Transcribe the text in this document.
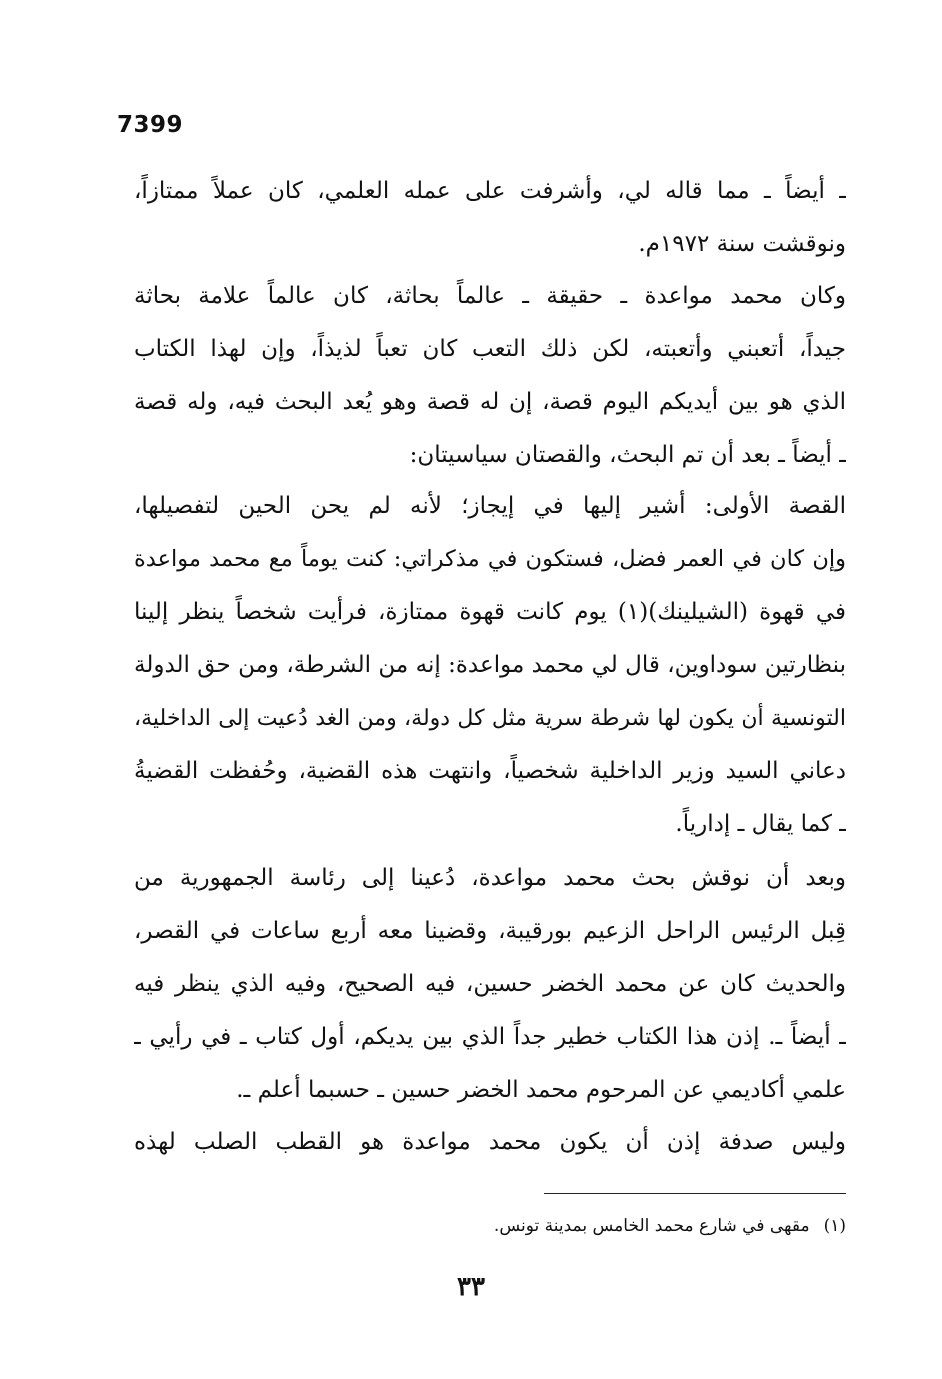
7399
ـ أيضاً ـ مما قاله لي، وأشرفت على عمله العلمي، كان عملاً ممتازاً،
ونوقشت سنة ١٩٧٢م.
وكان محمد مواعدة ـ حقيقة ـ عالماً بحاثة، كان عالماً علامة بحاثة
جيداً، أتعبني وأتعبته، لكن ذلك التعب كان تعباً لذيذاً، وإن لهذا الكتاب
الذي هو بين أيديكم اليوم قصة، إن له قصة وهو يُعد البحث فيه، وله قصة
ـ أيضاً ـ بعد أن تم البحث، والقصتان سياسيتان:
القصة الأولى: أشير إليها في إيجاز؛ لأنه لم يحن الحين لتفصيلها،
وإن كان في العمر فضل، فستكون في مذكراتي: كنت يوماً مع محمد مواعدة
في قهوة (الشيلينك)(١) يوم كانت قهوة ممتازة، فرأيت شخصاً ينظر إلينا
بنظارتين سوداوين، قال لي محمد مواعدة: إنه من الشرطة، ومن حق الدولة
التونسية أن يكون لها شرطة سرية مثل كل دولة، ومن الغد دُعيت إلى الداخلية،
دعاني السيد وزير الداخلية شخصياً، وانتهت هذه القضية، وحُفظت القضيةُ
ـ كما يقال ـ إدارياً.
وبعد أن نوقش بحث محمد مواعدة، دُعينا إلى رئاسة الجمهورية من
قِبل الرئيس الراحل الزعيم بورقيبة، وقضينا معه أربع ساعات في القصر،
والحديث كان عن محمد الخضر حسين، فيه الصحيح، وفيه الذي ينظر فيه
ـ أيضاً ـ. إذن هذا الكتاب خطير جداً الذي بين يديكم، أول كتاب ـ في رأيي ـ
علمي أكاديمي عن المرحوم محمد الخضر حسين ـ حسبما أعلم ـ.
وليس صدفة إذن أن يكون محمد مواعدة هو القطب الصلب لهذه
(١)مقهى في شارع محمد الخامس بمدينة تونس.
٣٣
